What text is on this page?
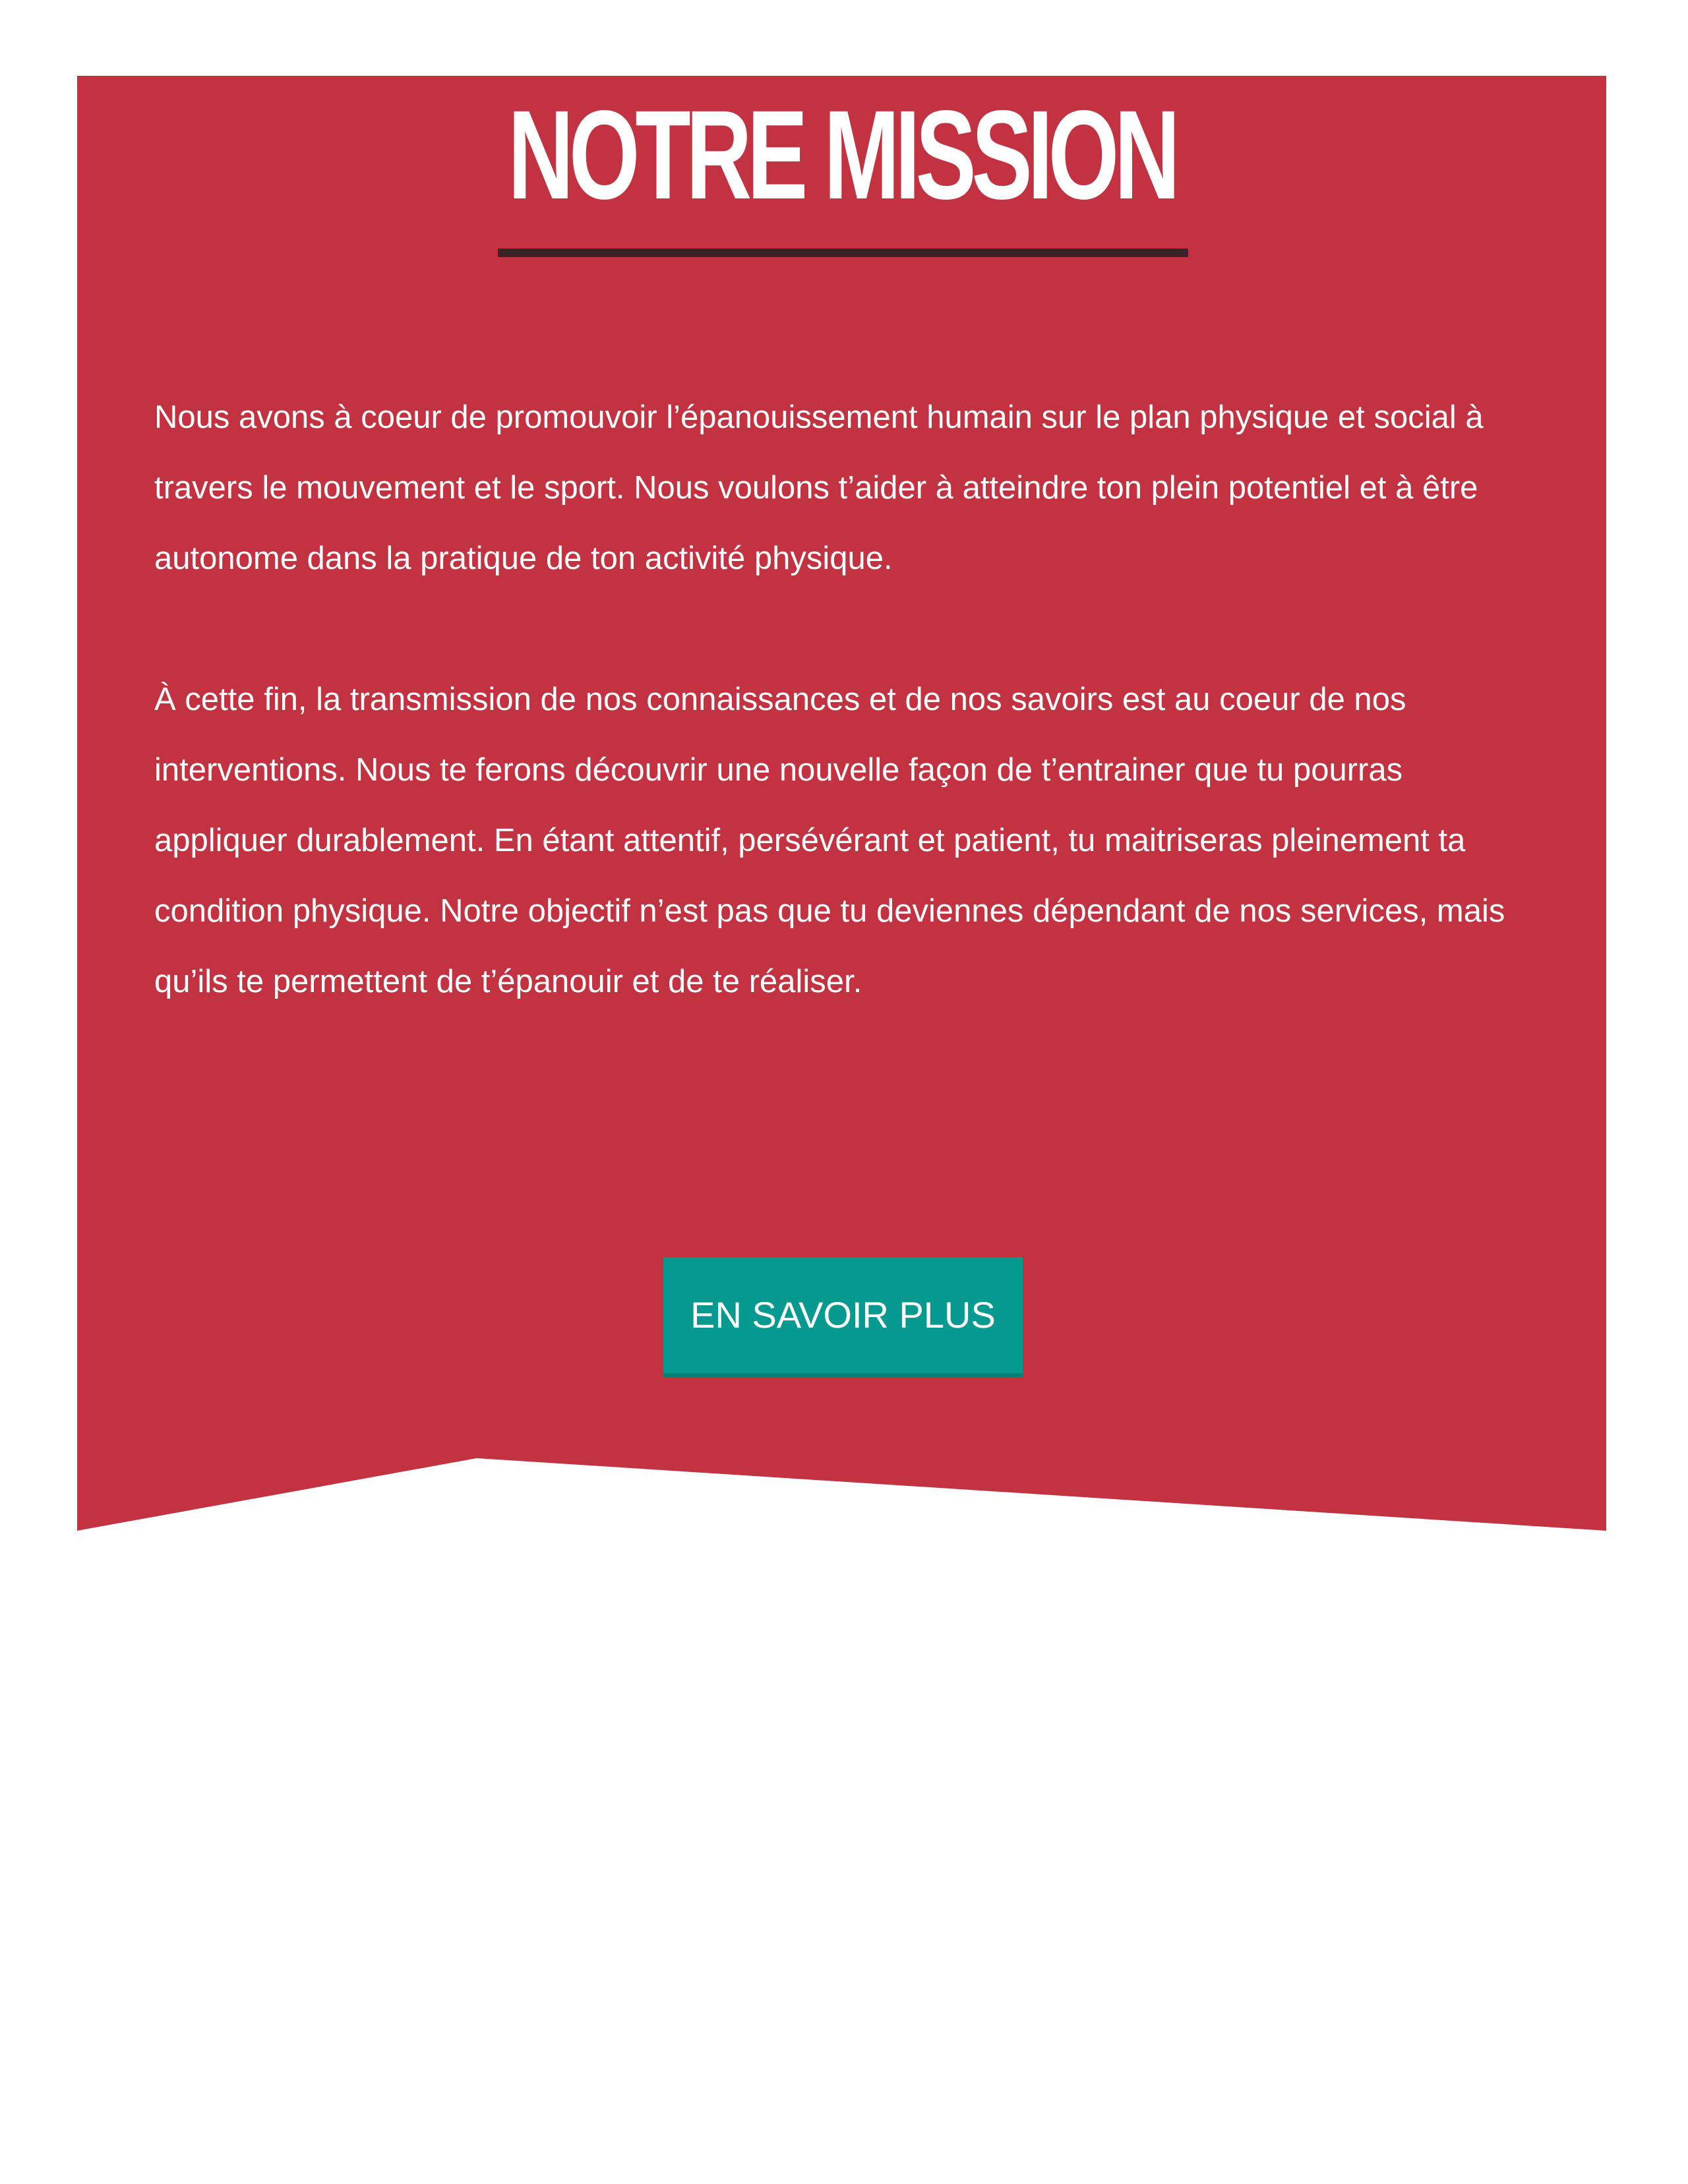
NOTRE MISSION

Nous avons à coeur de promouvoir l’épanouissement humain sur le plan physique et social à travers le mouvement et le sport. Nous voulons t’aider à atteindre ton plein potentiel et à être autonome dans la pratique de ton activité physique.

À cette fin, la transmission de nos connaissances et de nos savoirs est au coeur de nos interventions. Nous te ferons découvrir une nouvelle façon de t’entrainer que tu pourras appliquer durablement. En étant attentif, persévérant et patient, tu maitriseras pleinement ta condition physique. Notre objectif n’est pas que tu deviennes dépendant de nos services, mais qu’ils te permettent de t’épanouir et de te réaliser.

EN SAVOIR PLUS
